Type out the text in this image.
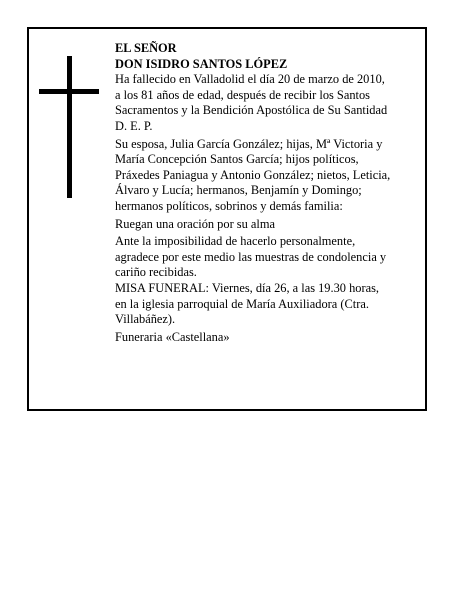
EL SEÑOR

DON ISIDRO SANTOS LÓPEZ

Ha fallecido en Valladolid el día 20 de marzo de 2010,

a los 81 años de edad, después de recibir los Santos

Sacramentos y la Bendición Apostólica de Su Santidad

D. E. P.

Su esposa, Julia García González; hijas, Mª Victoria y

María Concepción Santos García; hijos políticos,

Práxedes Paniagua y Antonio González; nietos, Leticia,

Álvaro y Lucía; hermanos, Benjamín y Domingo;

hermanos políticos, sobrinos y demás familia:

Ruegan una oración por su alma

Ante la imposibilidad de hacerlo personalmente,

agradece por este medio las muestras de condolencia y

cariño recibidas.

MISA FUNERAL: Viernes, día 26, a las 19.30 horas,

en la iglesia parroquial de María Auxiliadora (Ctra.

Villabáñez).

Funeraria «Castellana»
